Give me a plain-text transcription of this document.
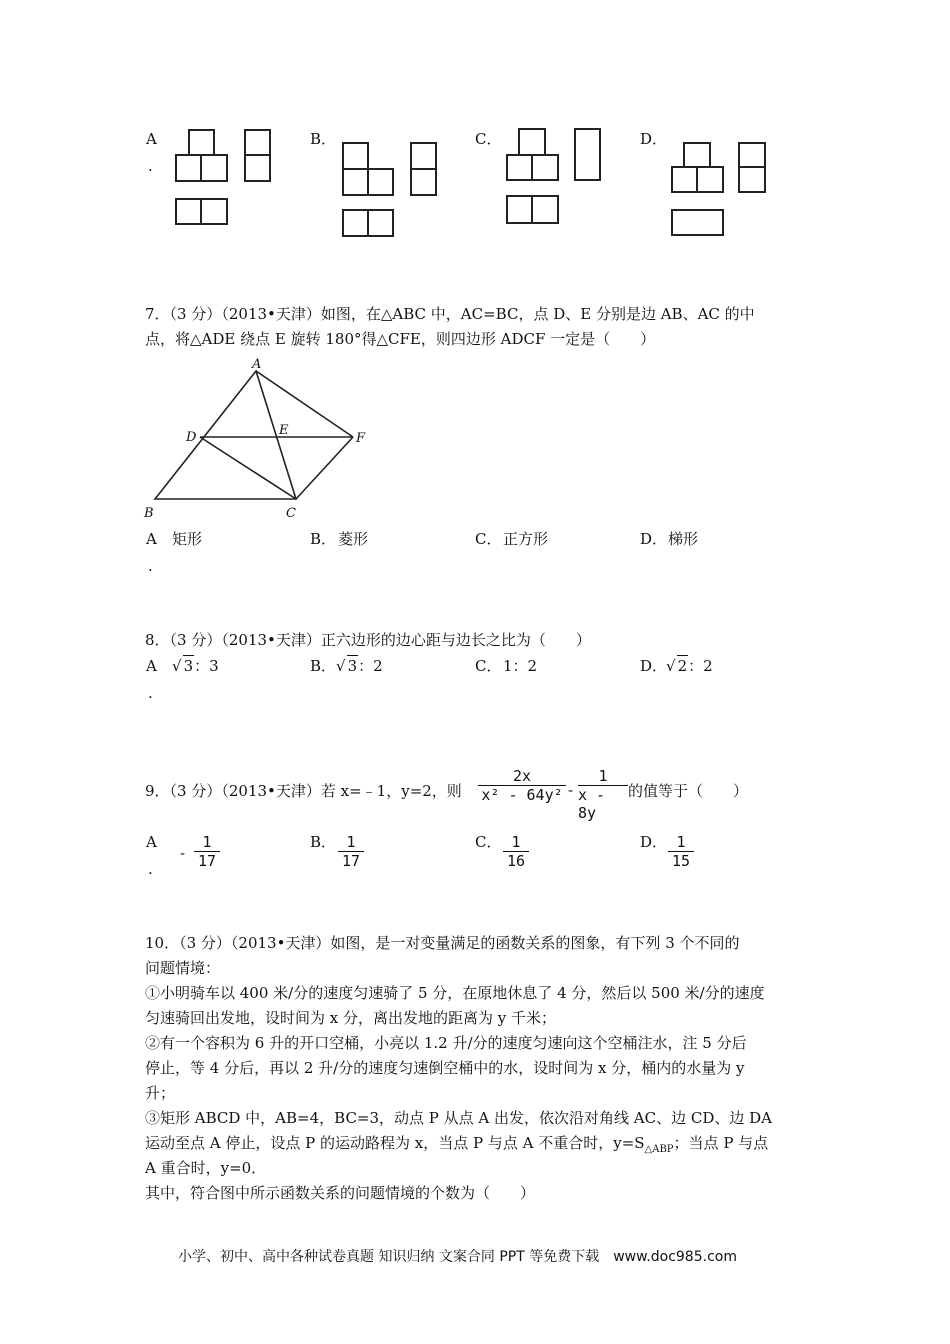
A
.
B．	C．	D．
7．（3 分）（2013•天津）如图，在△ABC 中，AC=BC，点 D、E 分别是边 AB、AC 的中
点，将△ADE 绕点 E 旋转 180°得△CFE，则四边形 ADCF 一定是（　　）
A
B	C
D	E
F
A
.
矩形	B． 菱形	C． 正方形	D． 梯形
8．（3 分）（2013•天津）正六边形的边心距与边长之比为（　　）
A
.
√ 3：3	B． √ 3：2	C． 1：2	D．
√ 2：2
9．（3 分）（2013•天津）若 x=﹣1，y=2，则
2x
x² - 64y² -
1
x - 8y
的值等于（　　）
A
.
-
1
17
B． 1
17
C． 1
16
D． 1
15
10．（3 分）（2013•天津）如图，是一对变量满足的函数关系的图象，有下列 3 个不同的
问题情境：
①小明骑车以 400 米/分的速度匀速骑了 5 分，在原地休息了 4 分，然后以 500 米/分的速度
匀速骑回出发地，设时间为 x 分，离出发地的距离为 y 千米；
②有一个容积为 6 升的开口空桶，小亮以 1.2 升/分的速度匀速向这个空桶注水，注 5 分后
停止，等 4 分后，再以 2 升/分的速度匀速倒空桶中的水，设时间为 x 分，桶内的水量为 y
升；
③矩形 ABCD 中，AB=4，BC=3，动点 P 从点 A 出发，依次沿对角线 AC、边 CD、边 DA
运动至点 A 停止，设点 P 的运动路程为 x，当点 P 与点 A 不重合时，$y=S_{\triangle ABP}$；当点 P 与点
A 重合时，y=0．
其中，符合图中所示函数关系的问题情境的个数为（　　）
小学、初中、高中各种试卷真题 知识归纳 文案合同 PPT 等免费下载　www.doc985.com
